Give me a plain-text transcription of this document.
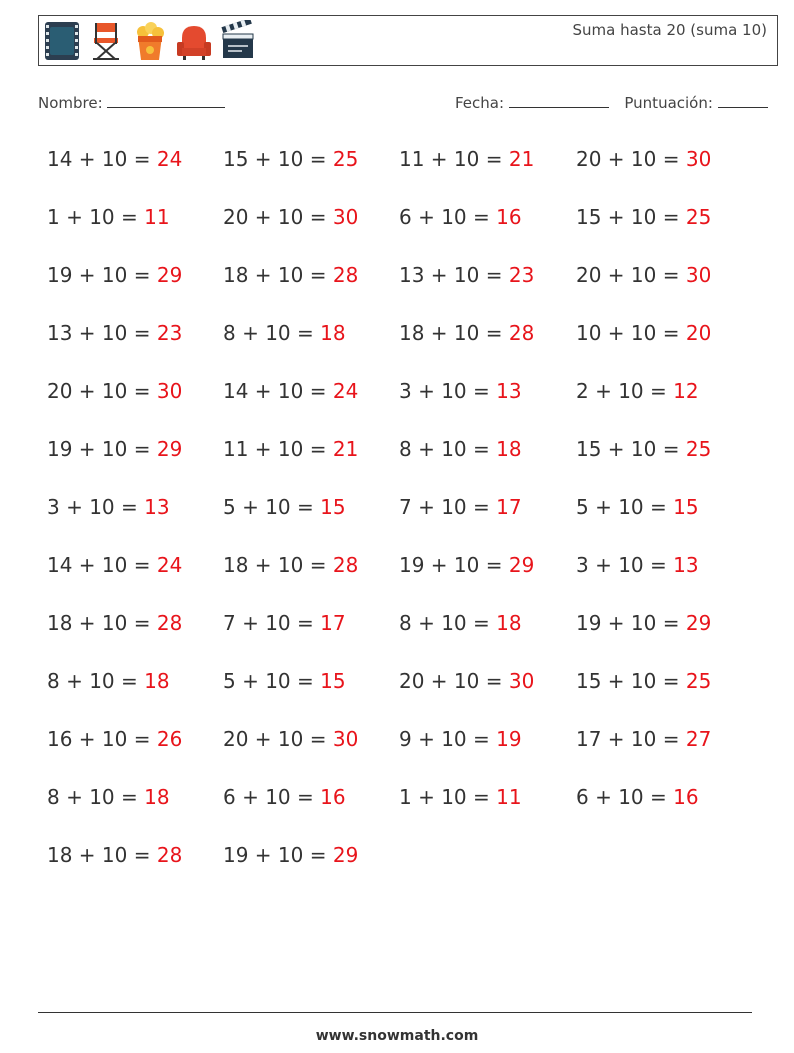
Suma hasta 20 (suma 10)
Nombre:	Fecha:	Puntuación:
14 + 10 = 24 15 + 10 = 25 11 + 10 = 21 20 + 10 = 30
1 + 10 = 11	20 + 10 = 30 6 + 10 = 16	15 + 10 = 25
19 + 10 = 29 18 + 10 = 28 13 + 10 = 23 20 + 10 = 30
13 + 10 = 23 8 + 10 = 18	18 + 10 = 28 10 + 10 = 20
20 + 10 = 30 14 + 10 = 24 3 + 10 = 13	2 + 10 = 12
19 + 10 = 29 11 + 10 = 21 8 + 10 = 18	15 + 10 = 25
3 + 10 = 13	5 + 10 = 15	7 + 10 = 17	5 + 10 = 15
14 + 10 = 24 18 + 10 = 28 19 + 10 = 29 3 + 10 = 13
18 + 10 = 28 7 + 10 = 17	8 + 10 = 18	19 + 10 = 29
8 + 10 = 18	5 + 10 = 15	20 + 10 = 30 15 + 10 = 25
16 + 10 = 26 20 + 10 = 30 9 + 10 = 19	17 + 10 = 27
8 + 10 = 18	6 + 10 = 16	1 + 10 = 11	6 + 10 = 16
18 + 10 = 28 19 + 10 = 29
www.snowmath.com
